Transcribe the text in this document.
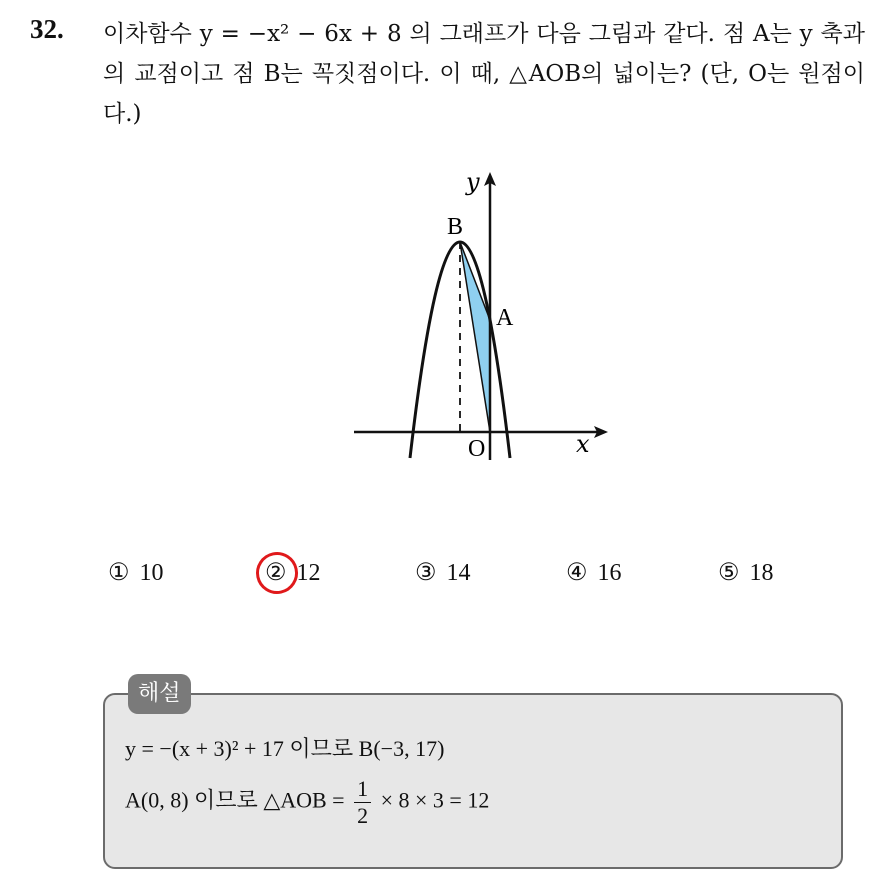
32. 이차함수 y = −x² − 6x + 8 의 그래프가 다음 그림과 같다. 점 A는 y 축과의 교점이고 점 B는 꼭짓점이다. 이 때, △AOB의 넓이는? (단, O는 원점이다.)
y
x
B
A
O
① 10	② 12	③ 14	④ 16	⑤ 18
해설
y = −(x + 3)² + 17 이므로 B(−3, 17)
A(0, 8) 이므로 △AOB = $\frac{1}{2} \times 8 \times 3 = 12$
